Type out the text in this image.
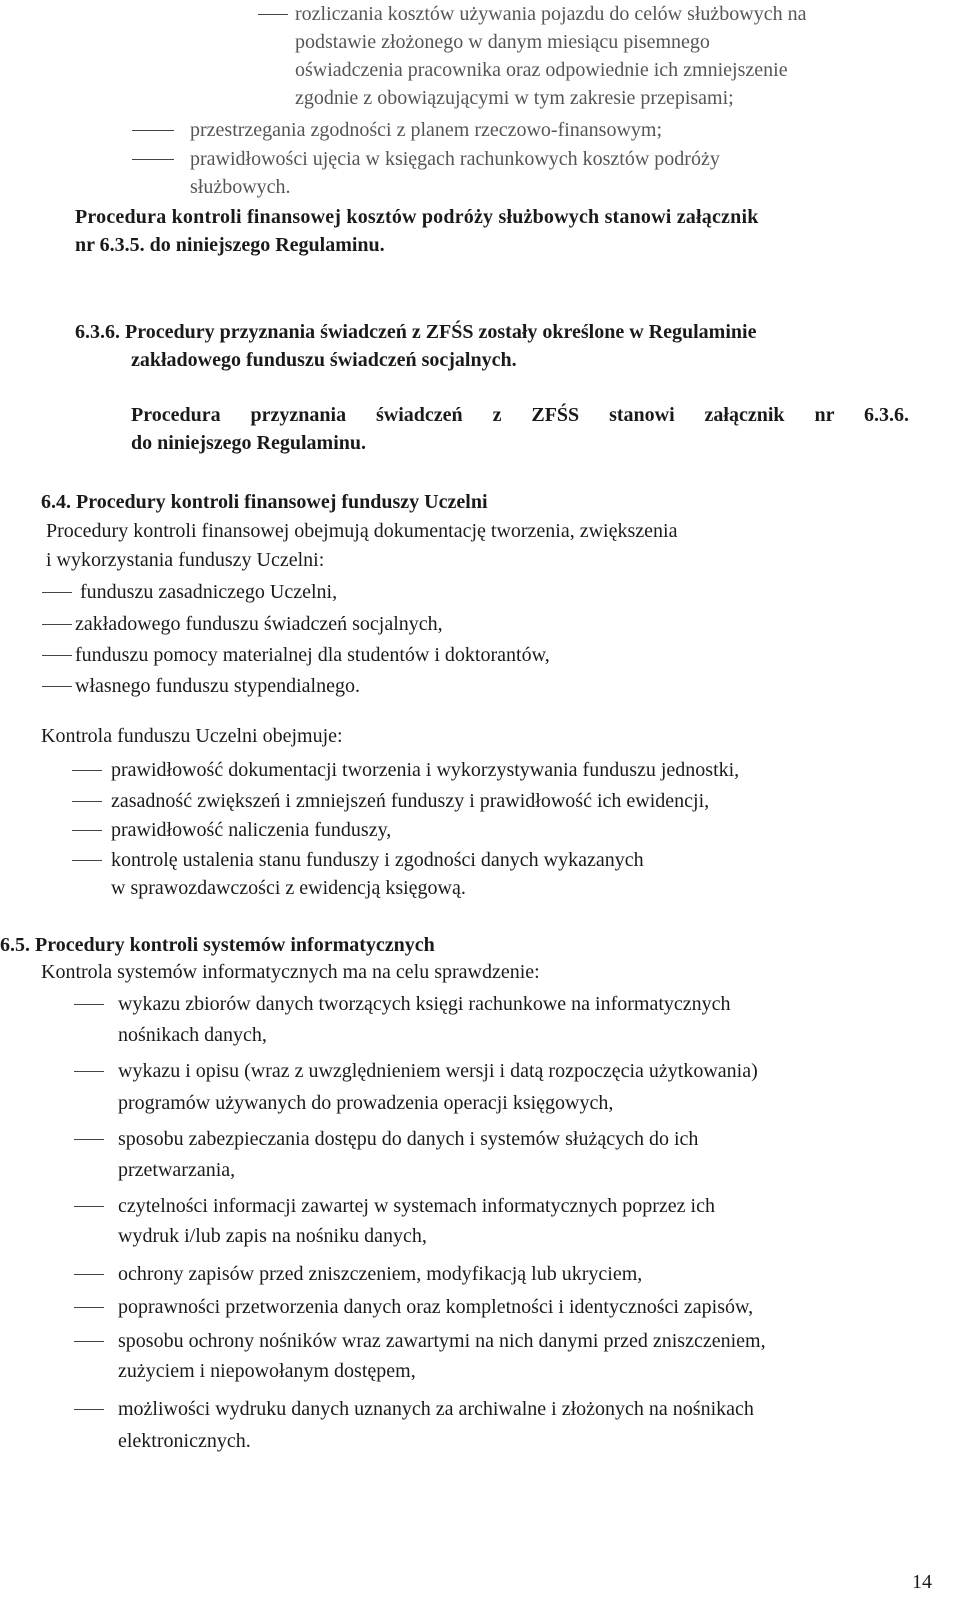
rozliczania kosztów używania pojazdu do celów służbowych na
podstawie złożonego w danym miesiącu pisemnego
oświadczenia pracownika oraz odpowiednie ich zmniejszenie
zgodnie z obowiązującymi w tym zakresie przepisami;
przestrzegania zgodności z planem rzeczowo-finansowym;
prawidłowości ujęcia w księgach rachunkowych kosztów podróży
służbowych.
Procedura kontroli finansowej kosztów podróży służbowych stanowi załącznik
nr 6.3.5. do niniejszego Regulaminu.
6.3.6. Procedury przyznania świadczeń z ZFŚS zostały określone w Regulaminie
zakładowego funduszu świadczeń socjalnych.
Procedura przyznania świadczeń z ZFŚS stanowi załącznik nr 6.3.6.
do niniejszego Regulaminu.
6.4. Procedury kontroli finansowej funduszy Uczelni
Procedury kontroli finansowej obejmują dokumentację tworzenia, zwiększenia
i wykorzystania funduszy Uczelni:
funduszu zasadniczego Uczelni,
zakładowego funduszu świadczeń socjalnych,
funduszu pomocy materialnej dla studentów i doktorantów,
własnego funduszu stypendialnego.
Kontrola funduszu Uczelni obejmuje:
prawidłowość dokumentacji tworzenia i wykorzystywania funduszu jednostki,
zasadność zwiększeń i zmniejszeń funduszy i prawidłowość ich ewidencji,
prawidłowość naliczenia funduszy,
kontrolę ustalenia stanu funduszy i zgodności danych wykazanych
w sprawozdawczości z ewidencją księgową.
6.5. Procedury kontroli systemów informatycznych
Kontrola systemów informatycznych ma na celu sprawdzenie:
wykazu zbiorów danych tworzących księgi rachunkowe na informatycznych
nośnikach danych,
wykazu i opisu (wraz z uwzględnieniem wersji i datą rozpoczęcia użytkowania)
programów używanych do prowadzenia operacji księgowych,
sposobu zabezpieczania dostępu do danych i systemów służących do ich
przetwarzania,
czytelności informacji zawartej w systemach informatycznych poprzez ich
wydruk i/lub zapis na nośniku danych,
ochrony zapisów przed zniszczeniem, modyfikacją lub ukryciem,
poprawności przetworzenia danych oraz kompletności i identyczności zapisów,
sposobu ochrony nośników wraz zawartymi na nich danymi przed zniszczeniem,
zużyciem i niepowołanym dostępem,
możliwości wydruku danych uznanych za archiwalne i złożonych na nośnikach
elektronicznych.
14
